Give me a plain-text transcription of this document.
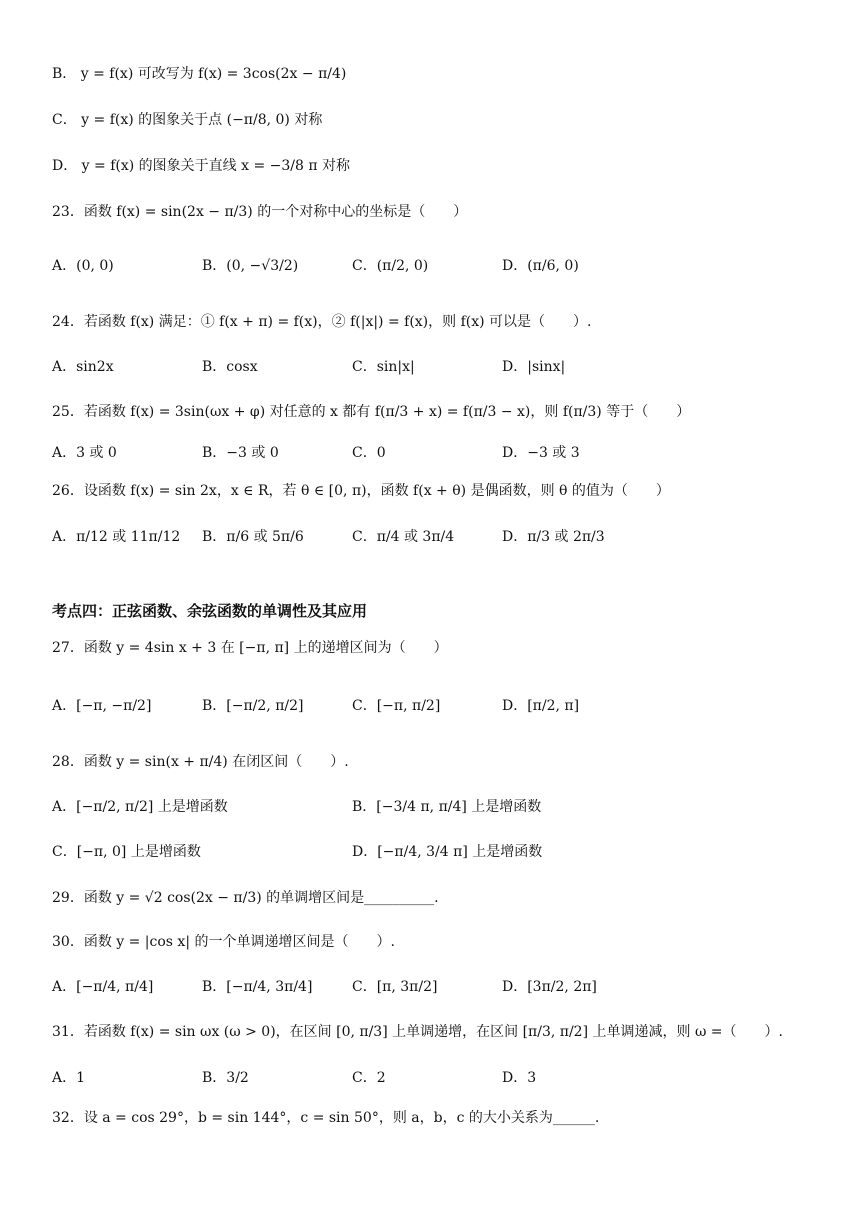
B． y = f(x) 可改写为 f(x) = 3cos(2x − π/4)
C． y = f(x) 的图象关于点 (−π/8, 0) 对称
D． y = f(x) 的图象关于直线 x = −3/8 π 对称
23．函数 f(x) = sin(2x − π/3) 的一个对称中心的坐标是（　　）
A．(0, 0)	B．(0, −√3/2)	C．(π/2, 0)	D．(π/6, 0)
24．若函数 f(x) 满足：① f(x + π) = f(x)，② f(|x|) = f(x)，则 f(x) 可以是（　　）.
A．sin2x	B．cosx	C．sin|x|	D．|sinx|
25．若函数 f(x) = 3sin(ωx + φ) 对任意的 x 都有 f(π/3 + x) = f(π/3 − x)，则 f(π/3) 等于（　　）
A．3 或 0	B．−3 或 0	C．0	D．−3 或 3
26．设函数 f(x) = sin 2x，x ∈ R，若 θ ∈ [0, π)，函数 f(x + θ) 是偶函数，则 θ 的值为（　　）
A．π/12 或 11π/12 B．π/6 或 5π/6	C．π/4 或 3π/4	D．π/3 或 2π/3
考点四：正弦函数、余弦函数的单调性及其应用
27．函数 y = 4sin x + 3 在 [−π, π] 上的递增区间为（　　）
A．[−π, −π/2]	B．[−π/2, π/2]	C．[−π, π/2]	D．[π/2, π]
28．函数 y = sin(x + π/4) 在闭区间（　　）.
A．[−π/2, π/2] 上是增函数	B．[−3/4 π, π/4] 上是增函数
C．[−π, 0] 上是增函数	D．[−π/4, 3/4 π] 上是增函数
29．函数 y = √2 cos(2x − π/3) 的单调增区间是__________.
30．函数 y = |cos x| 的一个单调递增区间是（　　）.
A．[−π/4, π/4]	B．[−π/4, 3π/4]	C．[π, 3π/2]	D．[3π/2, 2π]
31．若函数 f(x) = sin ωx (ω > 0)，在区间 [0, π/3] 上单调递增，在区间 [π/3, π/2] 上单调递减，则 ω =（　　）.
A．1	B．3/2	C．2	D．3
32．设 a = cos 29°，b = sin 144°，c = sin 50°，则 a，b，c 的大小关系为______.
